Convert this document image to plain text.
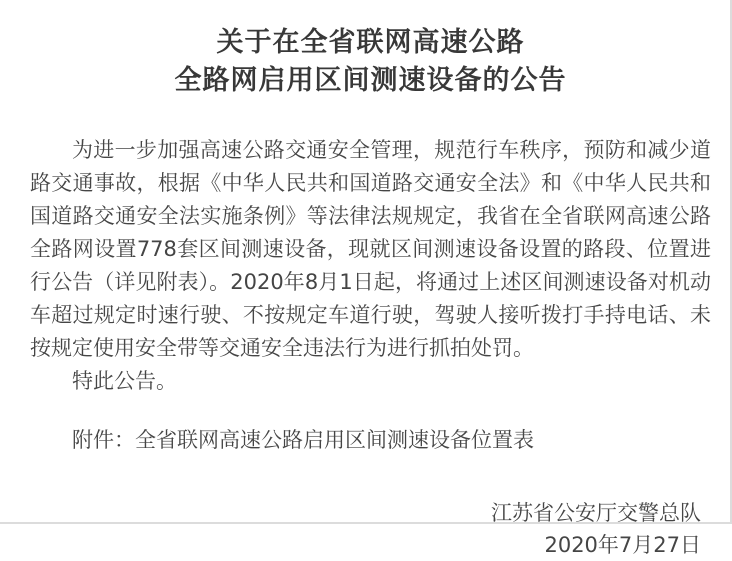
关于在全省联网高速公路
全路网启用区间测速设备的公告

为进一步加强高速公路交通安全管理，规范行车秩序，预防和减少道路交通事故，根据《中华人民共和国道路交通安全法》和《中华人民共和国道路交通安全法实施条例》等法律法规规定，我省在全省联网高速公路全路网设置778套区间测速设备，现就区间测速设备设置的路段、位置进行公告（详见附表）。2020年8月1日起，将通过上述区间测速设备对机动车超过规定时速行驶、不按规定车道行驶，驾驶人接听拨打手持电话、未按规定使用安全带等交通安全违法行为进行抓拍处罚。

特此公告。

附件：全省联网高速公路启用区间测速设备位置表
江苏省公安厅交警总队
2020年7月27日
